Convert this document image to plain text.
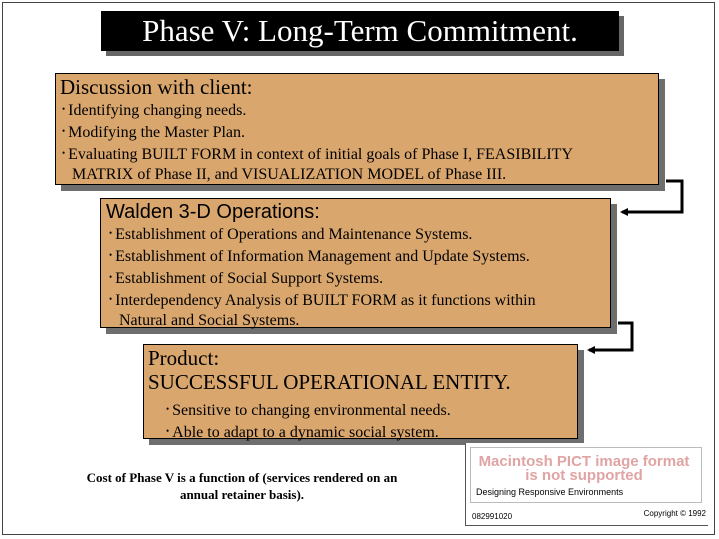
Phase V: Long-Term Commitment.
Discussion with client:
• Identifying changing needs.
• Modifying the Master Plan.
• Evaluating BUILT FORM in context of initial goals of Phase I, FEASIBILITY
MATRIX of Phase II, and VISUALIZATION MODEL of Phase III.
Walden 3-D Operations:
• Establishment of Operations and Maintenance Systems.
• Establishment of Information Management and Update Systems.
• Establishment of Social Support Systems.
• Interdependency Analysis of BUILT FORM as it functions within
Natural and Social Systems.
Product:
SUCCESSFUL OPERATIONAL ENTITY.
• Sensitive to changing environmental needs.
• Able to adapt to a dynamic social system.
Cost of Phase V is a function of (services rendered on an
annual retainer basis).
Macintosh PICT image format is not supported
Designing Responsive Environments
082991020	Copyright © 1992
